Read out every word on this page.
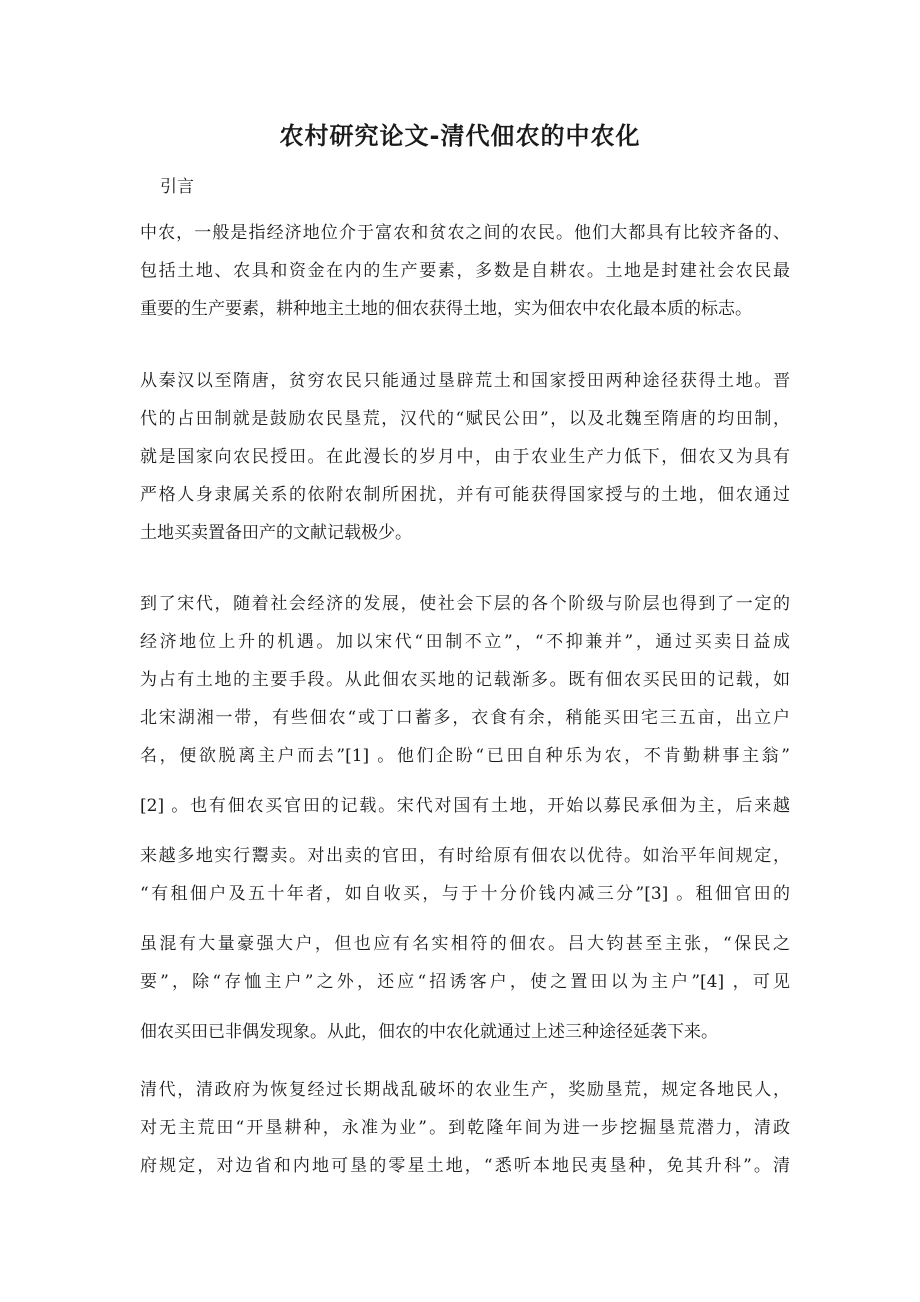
农村研究论文-清代佃农的中农化
引言
中农，一般是指经济地位介于富农和贫农之间的农民。他们大都具有比较齐备的、
包括土地、农具和资金在内的生产要素，多数是自耕农。土地是封建社会农民最
重要的生产要素，耕种地主土地的佃农获得土地，实为佃农中农化最本质的标志。
从秦汉以至隋唐，贫穷农民只能通过垦辟荒土和国家授田两种途径获得土地。晋
代的占田制就是鼓励农民垦荒，汉代的“赋民公田”，以及北魏至隋唐的均田制，
就是国家向农民授田。在此漫长的岁月中，由于农业生产力低下，佃农又为具有
严格人身隶属关系的依附农制所困扰，并有可能获得国家授与的土地，佃农通过
土地买卖置备田产的文献记载极少。
到了宋代，随着社会经济的发展，使社会下层的各个阶级与阶层也得到了一定的
经济地位上升的机遇。加以宋代“田制不立”，“不抑兼并”，通过买卖日益成
为占有土地的主要手段。从此佃农买地的记载渐多。既有佃农买民田的记载，如
北宋湖湘一带，有些佃农“或丁口蓄多，衣食有余，稍能买田宅三五亩，出立户
名，便欲脱离主户而去”[1] 。他们企盼“已田自种乐为农，不肯勤耕事主翁”
[2] 。也有佃农买官田的记载。宋代对国有土地，开始以募民承佃为主，后来越
来越多地实行鬻卖。对出卖的官田，有时给原有佃农以优待。如治平年间规定，
“有租佃户及五十年者，如自收买，与于十分价钱内减三分”[3] 。租佃官田的
虽混有大量豪强大户，但也应有名实相符的佃农。吕大钧甚至主张，“保民之
要”，除“存恤主户”之外，还应“招诱客户，使之置田以为主户”[4] ，可见
佃农买田已非偶发现象。从此，佃农的中农化就通过上述三种途径延袭下来。
清代，清政府为恢复经过长期战乱破坏的农业生产，奖励垦荒，规定各地民人，
对无主荒田“开垦耕种，永准为业”。到乾隆年间为进一步挖掘垦荒潜力，清政
府规定，对边省和内地可垦的零星土地，“悉听本地民夷垦种，免其升科”。清
